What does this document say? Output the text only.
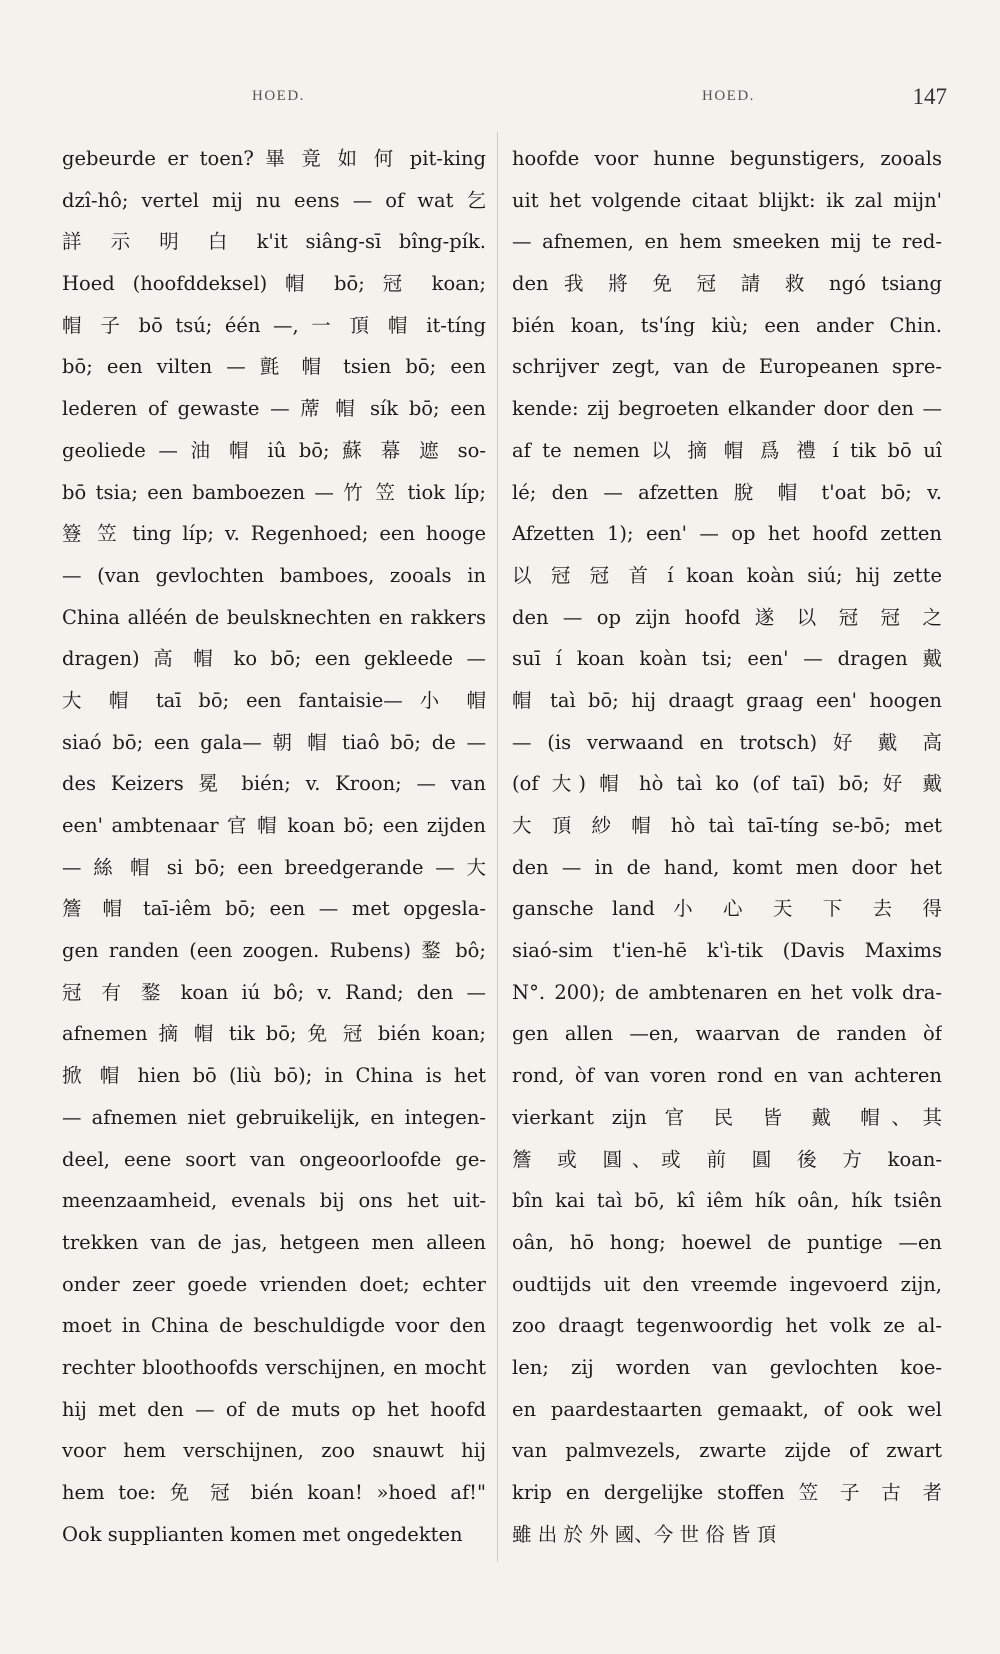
HOED.	HOED.	147
gebeurde er toen? 畢 竟 如 何 pit-king
dzî-hô; vertel mij nu eens — of wat 乞
詳 示 明 白 k'it siâng-sī bîng-pík.
Hoed (hoofddeksel) 帽 bō; 冠 koan;
帽 子 bō tsú; één —, 一 頂 帽 it-tíng
bō; een vilten — 氈 帽 tsien bō; een
lederen of gewaste — 蓆 帽 sík bō; een
geoliede — 油 帽 iû bō; 蘇 幕 遮 so-
bō tsia; een bamboezen — 竹 笠 tiok líp;
簦 笠 ting líp; v. Regenhoed; een hooge
— (van gevlochten bamboes, zooals in
China alléén de beulsknechten en rakkers
dragen) 高 帽 ko bō; een gekleede —
大 帽 taī bō; een fantaisie— 小 帽
siaó bō; een gala— 朝 帽 tiaô bō; de —
des Keizers 冕 bién; v. Kroon; — van
een' ambtenaar 官 帽 koan bō; een zijden
— 絲 帽 si bō; een breedgerande — 大
簷 帽 taī-iêm bō; een — met opgesla-
gen randen (een zoogen. Rubens) 鍪 bô;
冠 有 鍪 koan iú bô; v. Rand; den —
afnemen 摘 帽 tik bō; 免 冠 bién koan;
掀 帽 hien bō (liù bō); in China is het
— afnemen niet gebruikelijk, en integen-
deel, eene soort van ongeoorloofde ge-
meenzaamheid, evenals bij ons het uit-
trekken van de jas, hetgeen men alleen
onder zeer goede vrienden doet; echter
moet in China de beschuldigde voor den
rechter bloothoofds verschijnen, en mocht
hij met den — of de muts op het hoofd
voor hem verschijnen, zoo snauwt hij
hem toe: 免 冠 bién koan! »hoed af!"
Ook supplianten komen met ongedekten
hoofde voor hunne begunstigers, zooals
uit het volgende citaat blijkt: ik zal mijn'
— afnemen, en hem smeeken mij te red-
den 我 將 免 冠 請 救 ngó tsiang
bién koan, ts'íng kiù; een ander Chin.
schrijver zegt, van de Europeanen spre-
kende: zij begroeten elkander door den —
af te nemen 以 摘 帽 爲 禮 í tik bō uî
lé; den — afzetten 脫 帽 t'oat bō; v.
Afzetten 1); een' — op het hoofd zetten
以 冠 冠 首 í koan koàn siú; hij zette
den — op zijn hoofd 遂 以 冠 冠 之
suī í koan koàn tsi; een' — dragen 戴
帽 taì bō; hij draagt graag een' hoogen
— (is verwaand en trotsch) 好 戴 高
(of 大) 帽 hò taì ko (of taī) bō; 好 戴
大 頂 紗 帽 hò taì taī-tíng se-bō; met
den — in de hand, komt men door het
gansche land 小 心 天 下 去 得
siaó-sim t'ien-hē k'ì-tik (Davis Maxims
N°. 200); de ambtenaren en het volk dra-
gen allen —en, waarvan de randen òf
rond, òf van voren rond en van achteren
vierkant zijn 官 民 皆 戴 帽、其
簷 或 圓、或 前 圓 後 方 koan-
bîn kai taì bō, kî iêm hík oân, hík tsiên
oân, hō hong; hoewel de puntige —en
oudtijds uit den vreemde ingevoerd zijn,
zoo draagt tegenwoordig het volk ze al-
len; zij worden van gevlochten koe-
en paardestaarten gemaakt, of ook wel
van palmvezels, zwarte zijde of zwart
krip en dergelijke stoffen 笠 子 古 者
雖 出 於 外 國、今 世 俗 皆 頂
